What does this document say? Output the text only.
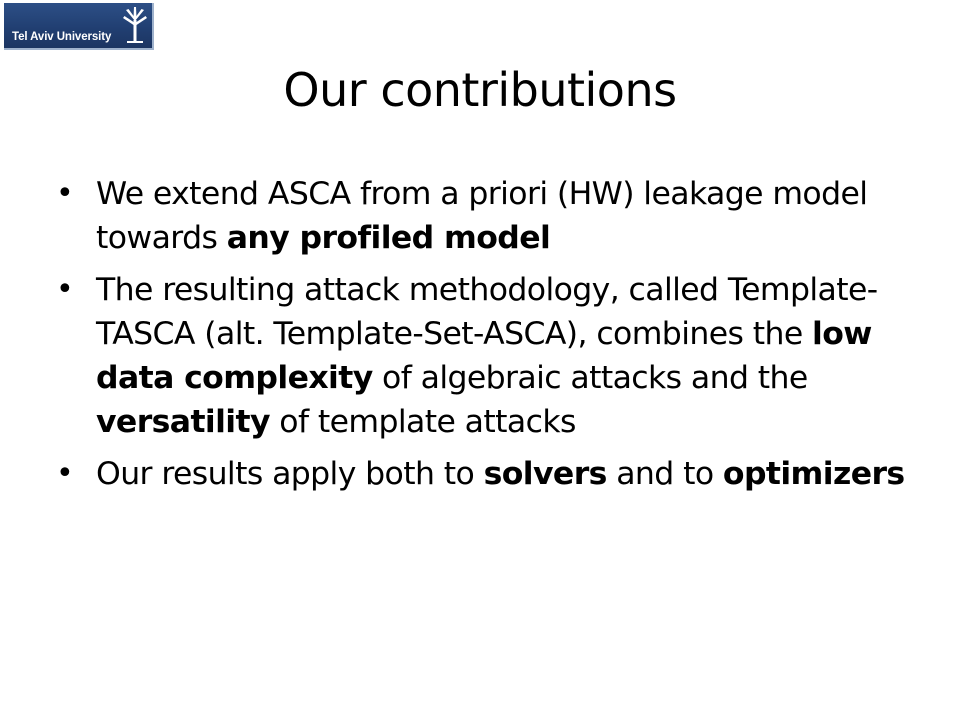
Tel Aviv University
Our contributions
• We extend ASCA from a priori (HW) leakage model towards any profiled model
• The resulting attack methodology, called Template-TASCA (alt. Template-Set-ASCA), combines the low data complexity of algebraic attacks and the versatility of template attacks
• Our results apply both to solvers and to optimizers
